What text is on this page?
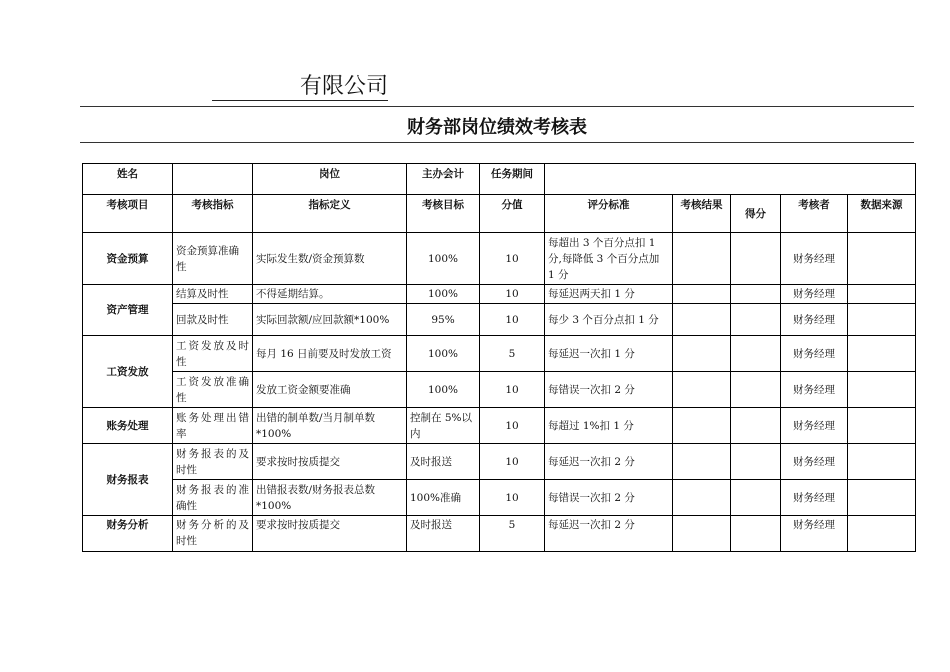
有限公司
财务部岗位绩效考核表
姓名		岗位	主办会计	任务期间					
考核项目	考核指标	指标定义	考核目标	分值	评分标准	考核结果	得分	考核者	数据来源
资金预算	资金预算准确性	实际发生数/资金预算数	100%	10	每超出 3 个百分点扣 1 分,每降低 3 个百分点加 1 分			财务经理	
资产管理	结算及时性	不得延期结算。	100%	10	每延迟两天扣 1 分			财务经理	
	回款及时性	实际回款额/应回款额*100%	95%	10	每少 3 个百分点扣 1 分			财务经理	
工资发放	工资发放及时性	每月 16 日前要及时发放工资	100%	5	每延迟一次扣 1 分			财务经理	
	工资发放准确性	发放工资金额要准确	100%	10	每错误一次扣 2 分			财务经理	
账务处理	账务处理出错率	出错的制单数/当月制单数*100%	控制在 5%以内	10	每超过 1%扣 1 分			财务经理	
财务报表	财务报表的及时性	要求按时按质提交	及时报送	10	每延迟一次扣 2 分			财务经理	
	财务报表的准确性	出错报表数/财务报表总数*100%	100%准确	10	每错误一次扣 2 分			财务经理	
财务分析	财务分析的及时性	要求按时按质提交	及时报送	5	每延迟一次扣 2 分			财务经理	
